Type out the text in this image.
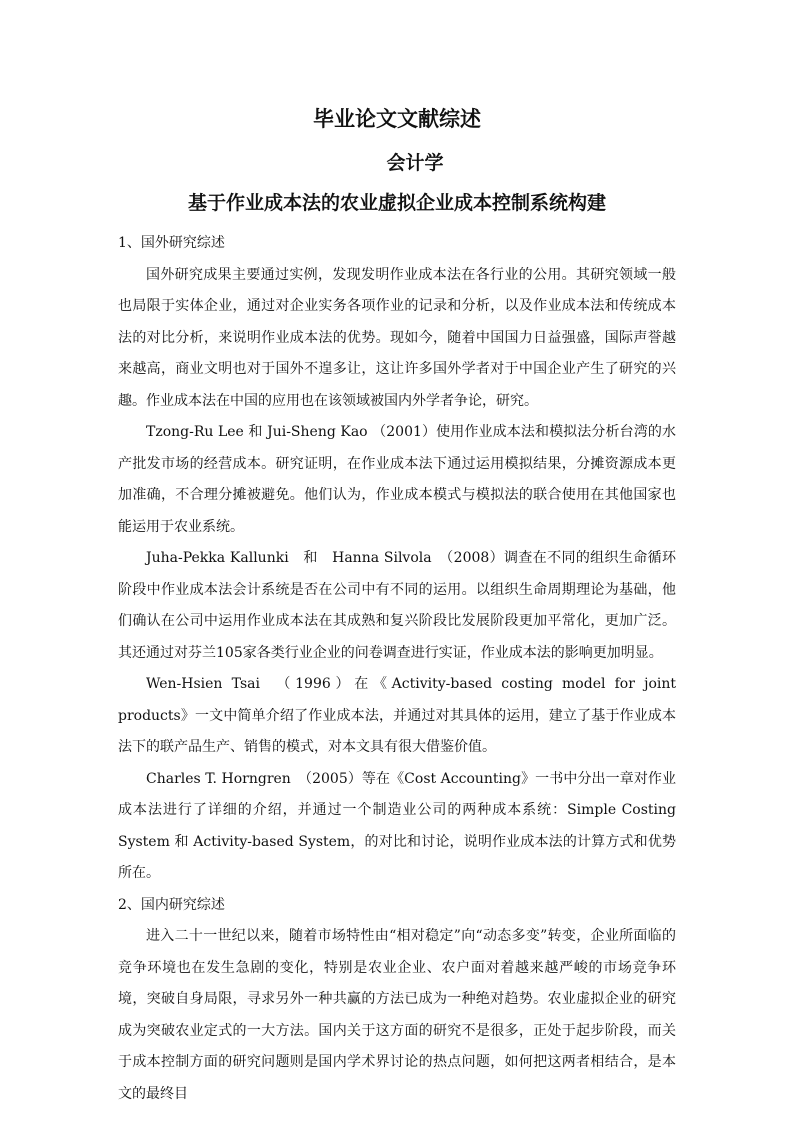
毕业论文文献综述
会计学
基于作业成本法的农业虚拟企业成本控制系统构建

1、国外研究综述

国外研究成果主要通过实例，发现发明作业成本法在各行业的公用。其研究领域一般也局限于实体企业，通过对企业实务各项作业的记录和分析，以及作业成本法和传统成本法的对比分析，来说明作业成本法的优势。现如今，随着中国国力日益强盛，国际声誉越来越高，商业文明也对于国外不遑多让，这让许多国外学者对于中国企业产生了研究的兴趣。作业成本法在中国的应用也在该领域被国内外学者争论，研究。

Tzong-Ru Lee 和 Jui-Sheng Kao （2001）使用作业成本法和模拟法分析台湾的水产批发市场的经营成本。研究证明，在作业成本法下通过运用模拟结果，分摊资源成本更加准确，不合理分摊被避免。他们认为，作业成本模式与模拟法的联合使用在其他国家也能运用于农业系统。

Juha-Pekka Kallunki　和　Hanna Silvola　（2008）调查在不同的组织生命循环阶段中作业成本法会计系统是否在公司中有不同的运用。以组织生命周期理论为基础，他们确认在公司中运用作业成本法在其成熟和复兴阶段比发展阶段更加平常化，更加广泛。其还通过对芬兰105家各类行业企业的问卷调查进行实证，作业成本法的影响更加明显。

Wen-Hsien Tsai　（1996）在《Activity-based costing model for joint products》一文中简单介绍了作业成本法，并通过对其具体的运用，建立了基于作业成本法下的联产品生产、销售的模式，对本文具有很大借鉴价值。

Charles T. Horngren　（2005）等在《Cost Accounting》一书中分出一章对作业成本法进行了详细的介绍，并通过一个制造业公司的两种成本系统：Simple Costing System 和 Activity-based System，的对比和讨论，说明作业成本法的计算方式和优势所在。

2、国内研究综述

进入二十一世纪以来，随着市场特性由“相对稳定”向“动态多变”转变，企业所面临的竞争环境也在发生急剧的变化，特别是农业企业、农户面对着越来越严峻的市场竞争环境，突破自身局限，寻求另外一种共赢的方法已成为一种绝对趋势。农业虚拟企业的研究成为突破农业定式的一大方法。国内关于这方面的研究不是很多，正处于起步阶段，而关于成本控制方面的研究问题则是国内学术界讨论的热点问题，如何把这两者相结合，是本文的最终目
